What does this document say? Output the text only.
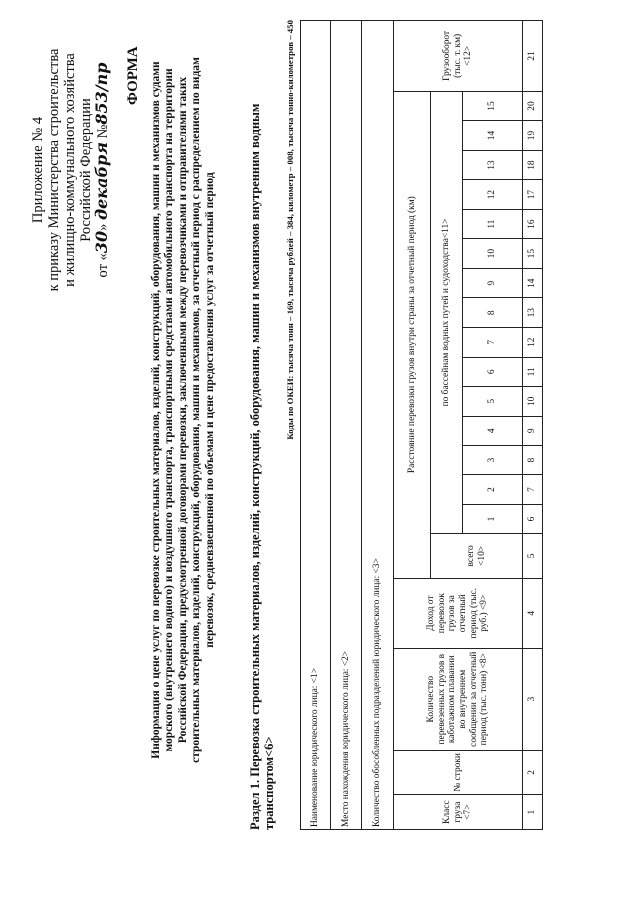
Приложение № 4 к приказу Министерства строительства и жилищно-коммунального хозяйства Российской Федерации
от «30» декабря №853/пр ФОРМА Информация о цене услуг по перевозке строительных материалов, изделий, конструкций, оборудования, машин и механизмов судами морского (внутреннего водного) и воздушного транспорта, транспортными средствами автомобильного транспорта на территории Российской Федерации, предусмотренной договорами перевозки, заключенными между перевозчиками и отправителями таких строительных материалов, изделий, конструкций, оборудования, машин и механизмов, за отчетный период с распределением по видам перевозок, средневзвешенной по объемам и цене предоставления услуг за отчетный период	Раздел 1. Перевозка строительных материалов, изделий, конструкций, оборудования, машин и механизмов внутренним водным транспортом<6>
Коды по ОКЕИ: тысяча тонн – 169, тысяча рублей – 384, километр – 008, тысяча тонно-километров – 450
Наименование юридического лица: <1>																				
Место нахождения юридического лица: <2>																				
Количество обособленных подразделений юридического лица: <3>																				
Класс груза <7>	№ строки	Количество перевезенных грузов в каботажном плавании во внутреннем сообщении за отчетный период (тыс. тонн) <8>	Доход от перевозок грузов за отчетный период (тыс. руб.) <9>	Расстояние перевозки грузов внутри страны за отчетный период (км)																Грузооборот (тыс. т. км) <12>
				всего <10>	по бассейнам водных путей и судоходства<11>															
					1	2	3	4	5	6	7	8	9	10	11	12	13	14	15	
1	2	3	4	5	6	7	8	9	10	11	12	13	14	15	16	17	18	19	20	21
